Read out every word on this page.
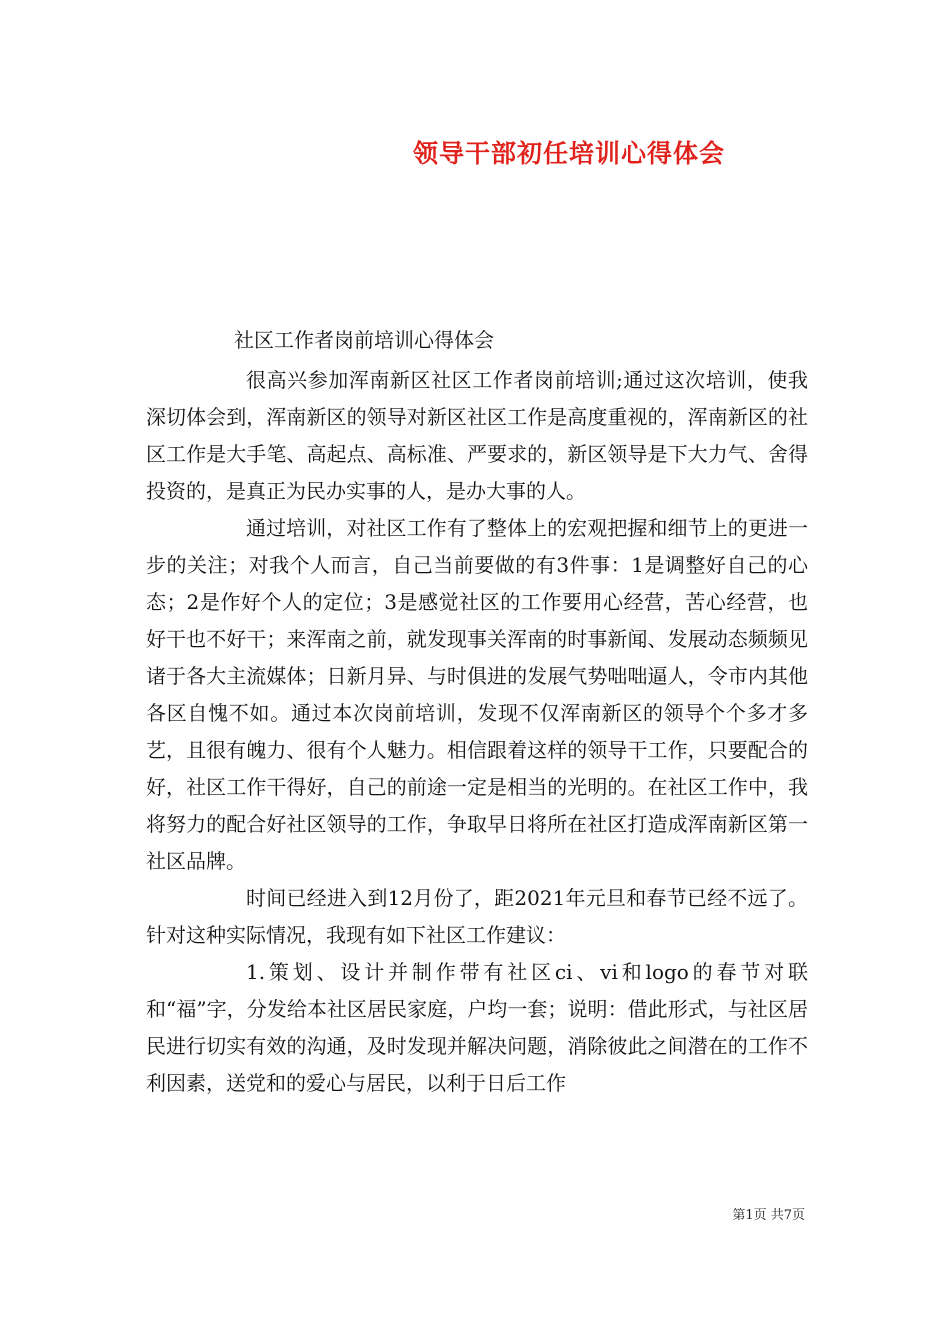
领导干部初任培训心得体会
社区工作者岗前培训心得体会

很高兴参加浑南新区社区工作者岗前培训;通过这次培训，使我深切体会到，浑南新区的领导对新区社区工作是高度重视的，浑南新区的社区工作是大手笔、高起点、高标准、严要求的，新区领导是下大力气、舍得投资的，是真正为民办实事的人，是办大事的人。

通过培训，对社区工作有了整体上的宏观把握和细节上的更进一步的关注；对我个人而言，自己当前要做的有3件事：1是调整好自己的心态；2是作好个人的定位；3是感觉社区的工作要用心经营，苦心经营，也好干也不好干；来浑南之前，就发现事关浑南的时事新闻、发展动态频频见诸于各大主流媒体；日新月异、与时俱进的发展气势咄咄逼人，令市内其他各区自愧不如。通过本次岗前培训，发现不仅浑南新区的领导个个多才多艺，且很有魄力、很有个人魅力。相信跟着这样的领导干工作，只要配合的好，社区工作干得好，自己的前途一定是相当的光明的。在社区工作中，我将努力的配合好社区领导的工作，争取早日将所在社区打造成浑南新区第一社区品牌。

时间已经进入到12月份了，距2021年元旦和春节已经不远了。针对这种实际情况，我现有如下社区工作建议：

1.策划、设计并制作带有社区ci、vi和logo的春节对联和“福”字，分发给本社区居民家庭，户均一套；说明：借此形式，与社区居民进行切实有效的沟通，及时发现并解决问题，消除彼此之间潜在的工作不利因素，送党和的爱心与居民，以利于日后工作

第1页 共7页
